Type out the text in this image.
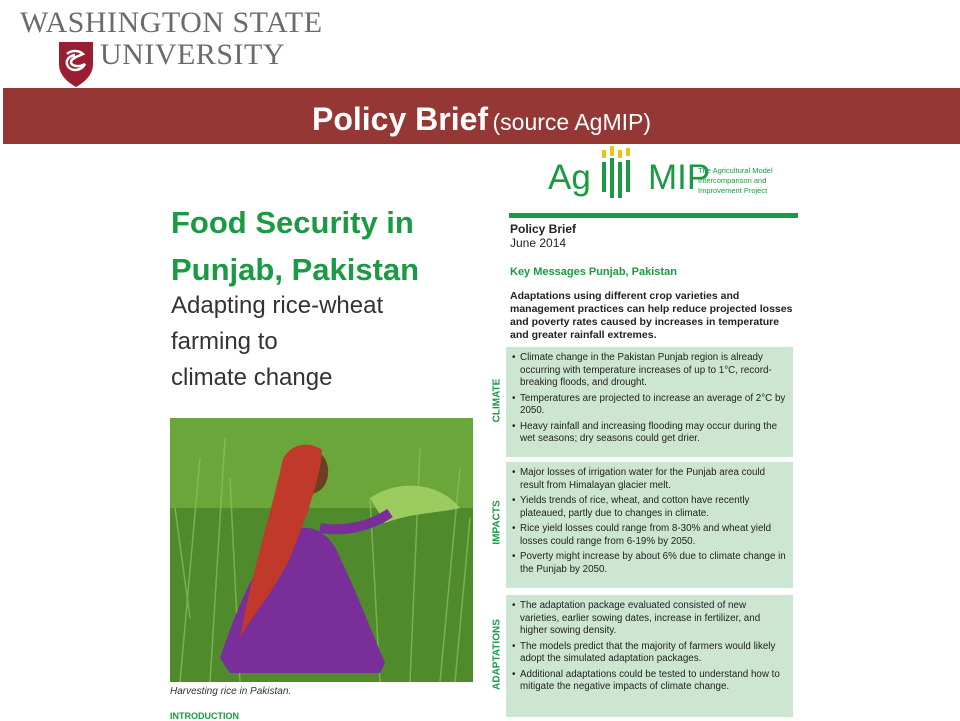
WASHINGTON STATE
UNIVERSITY
Policy Brief (source AgMIP)
Food Security in
Punjab, Pakistan
Adapting rice-wheat
farming to
climate change
Harvesting rice in Pakistan.
INTRODUCTION
Ag MIP
The Agricultural Model Intercomparison and Improvement Project
Policy Brief
June 2014
Key Messages Punjab, Pakistan
Adaptations using different crop varieties and management practices can help reduce projected losses and poverty rates caused by increases in temperature and greater rainfall extremes.
CLIMATE
• Climate change in the Pakistan Punjab region is already occurring with temperature increases of up to 1°C, record-breaking floods, and drought.
• Temperatures are projected to increase an average of 2°C by 2050.
• Heavy rainfall and increasing flooding may occur during the wet seasons; dry seasons could get drier.
IMPACTS
• Major losses of irrigation water for the Punjab area could result from Himalayan glacier melt.
• Yields trends of rice, wheat, and cotton have recently plateaued, partly due to changes in climate.
• Rice yield losses could range from 8-30% and wheat yield losses could range from 6-19% by 2050.
• Poverty might increase by about 6% due to climate change in the Punjab by 2050.
ADAPTATIONS
• The adaptation package evaluated consisted of new varieties, earlier sowing dates, increase in fertilizer, and higher sowing density.
• The models predict that the majority of farmers would likely adopt the simulated adaptation packages.
• Additional adaptations could be tested to understand how to mitigate the negative impacts of climate change.
